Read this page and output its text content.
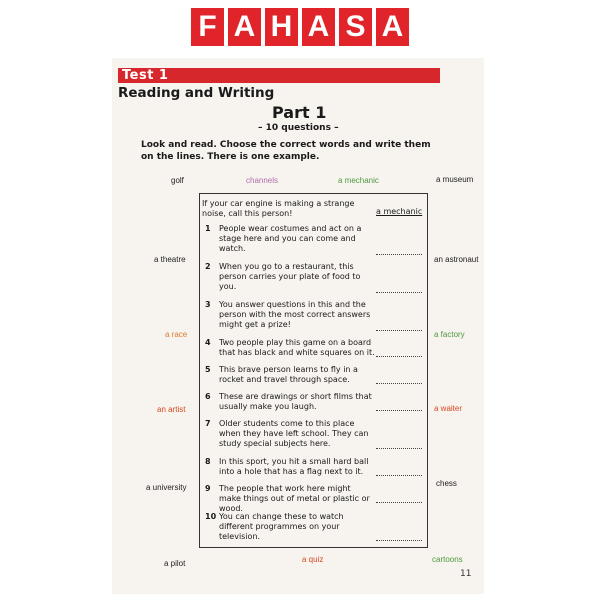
F A H A S A
Test 1
Reading and Writing
Part 1
– 10 questions –
Look and read. Choose the correct words and write them on the lines. There is one example.
golf	channels	a mechanic	a museum
a theatre	an astronaut
a race	a factory
an artist	a waiter
a university	chess
a pilot	a quiz	cartoons
If your car engine is making a strange noise, call this person!	a mechanic
1 People wear costumes and act on a stage here and you can come and watch.
2 When you go to a restaurant, this person carries your plate of food to you.
3 You answer questions in this and the person with the most correct answers might get a prize!
4 Two people play this game on a board that has black and white squares on it.
5 This brave person learns to fly in a rocket and travel through space.
6 These are drawings or short films that usually make you laugh.
7 Older students come to this place when they have left school. They can study special subjects here.
8 In this sport, you hit a small hard ball into a hole that has a flag next to it.
9 The people that work here might make things out of metal or plastic or wood.
10 You can change these to watch different programmes on your television.
11
